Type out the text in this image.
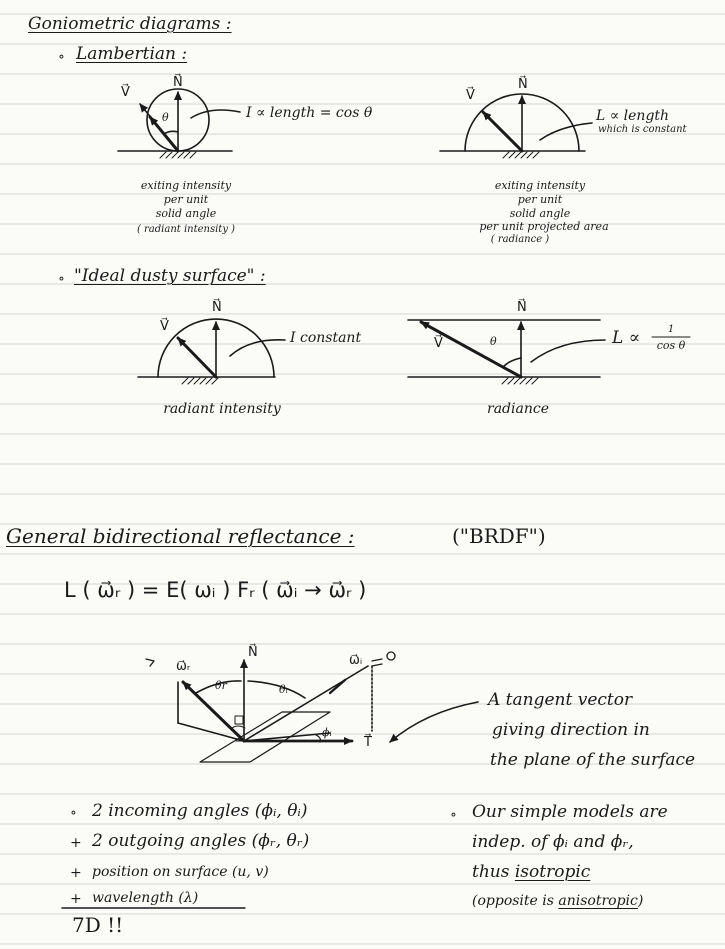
Goniometric diagrams :
∘ Lambertian :
N⃗
V⃗
θ	I ∝ length = cos θ
exiting intensity
per unit
solid angle
( radiant intensity )
N⃗
V⃗
L ∝ length
which is constant
exiting intensity
per unit
solid angle
per unit projected area
( radiance )
∘ "Ideal dusty surface" :
N⃗
V⃗
I constant
radiant intensity
N⃗
V⃗	θ	L ∝	1
cos θ
radiance
General bidirectional reflectance :	("BRDF")
L ( ω⃗ᵣ ) = E( ωᵢ ) Fᵣ ( ω⃗ᵢ → ω⃗ᵣ )
N⃗
ω⃗ᵣ	ω⃗ᵢ
θr	θᵢ
ϕᵢ
T⃗
A tangent vector
giving direction in
the plane of the surface
∘ 2 incoming angles (ϕᵢ, θᵢ)
+ 2 outgoing angles (ϕᵣ, θᵣ)
+ position on surface (u, v)
+ wavelength (λ)
7D !!
∘ Our simple models are
indep. of ϕᵢ and ϕᵣ,
thus isotropic
(opposite is anisotropic)
